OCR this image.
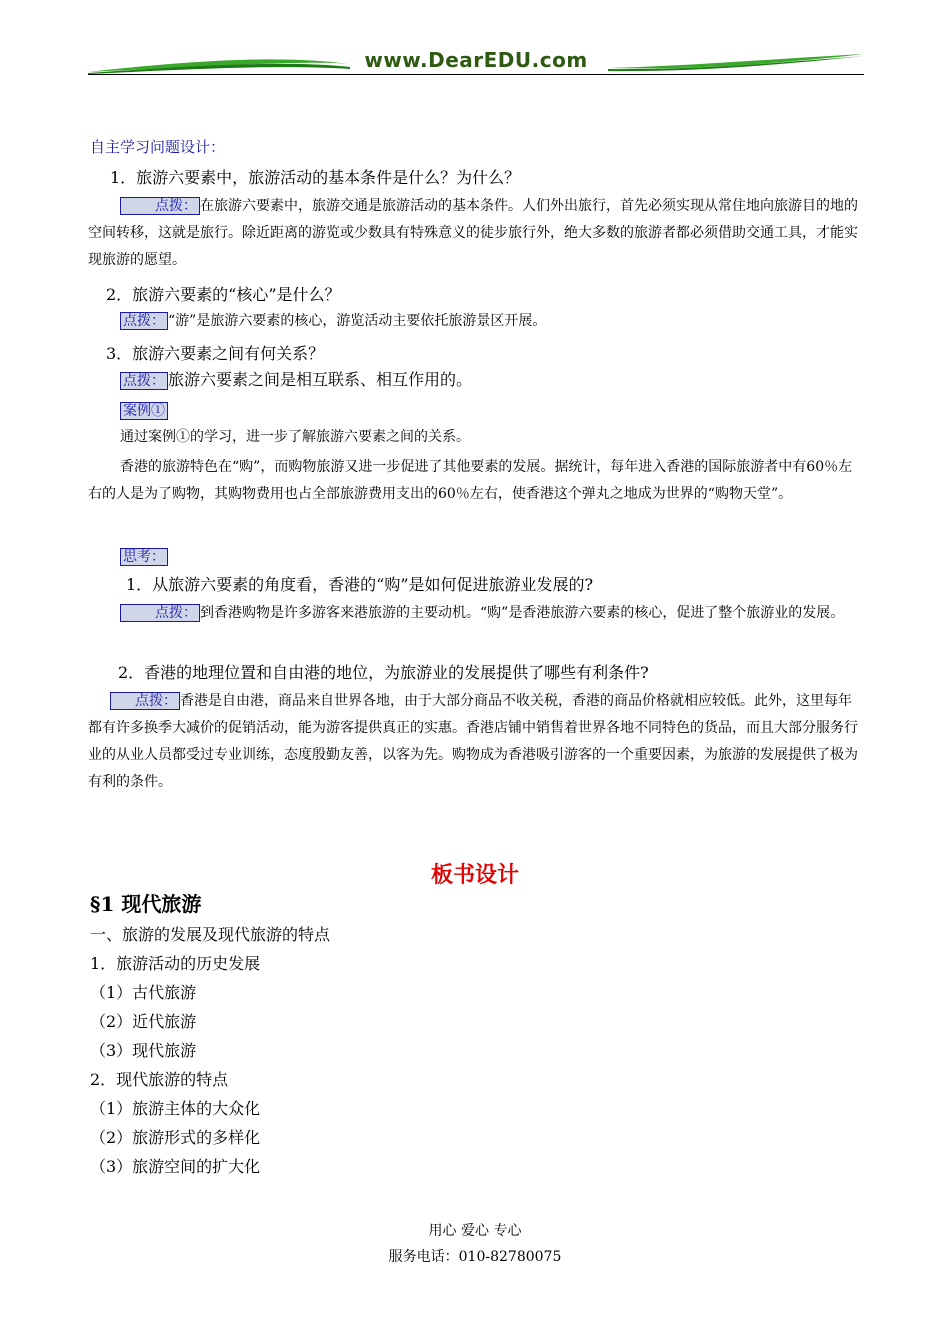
www.DearEDU.com
自主学习问题设计：
1．旅游六要素中，旅游活动的基本条件是什么？为什么？
点拨： 在旅游六要素中，旅游交通是旅游活动的基本条件。人们外出旅行，首先必须实现从常住地向旅游目的地的空间转移，这就是旅行。除近距离的游览或少数具有特殊意义的徒步旅行外，绝大多数的旅游者都必须借助交通工具，才能实现旅游的愿望。
2．旅游六要素的“核心”是什么？
点拨： “游”是旅游六要素的核心，游览活动主要依托旅游景区开展。
3．旅游六要素之间有何关系？
点拨： 旅游六要素之间是相互联系、相互作用的。
案例①
通过案例①的学习，进一步了解旅游六要素之间的关系。
香港的旅游特色在“购”，而购物旅游又进一步促进了其他要素的发展。据统计，每年进入香港的国际旅游者中有60％左右的人是为了购物，其购物费用也占全部旅游费用支出的60％左右，使香港这个弹丸之地成为世界的“购物天堂”。
思考：
1．从旅游六要素的角度看，香港的“购”是如何促进旅游业发展的?
点拨： 到香港购物是许多游客来港旅游的主要动机。“购”是香港旅游六要素的核心，促进了整个旅游业的发展。
2．香港的地理位置和自由港的地位，为旅游业的发展提供了哪些有利条件?
点拨： 香港是自由港，商品来自世界各地，由于大部分商品不收关税，香港的商品价格就相应较低。此外，这里每年都有许多换季大减价的促销活动，能为游客提供真正的实惠。香港店铺中销售着世界各地不同特色的货品，而且大部分服务行业的从业人员都受过专业训练，态度殷勤友善，以客为先。购物成为香港吸引游客的一个重要因素，为旅游的发展提供了极为有利的条件。
板书设计
§1 现代旅游
一、旅游的发展及现代旅游的特点
1．旅游活动的历史发展
（1）古代旅游
（2）近代旅游
（3）现代旅游
2．现代旅游的特点
（1）旅游主体的大众化
（2）旅游形式的多样化
（3）旅游空间的扩大化
用心 爱心 专心
服务电话：010-82780075
